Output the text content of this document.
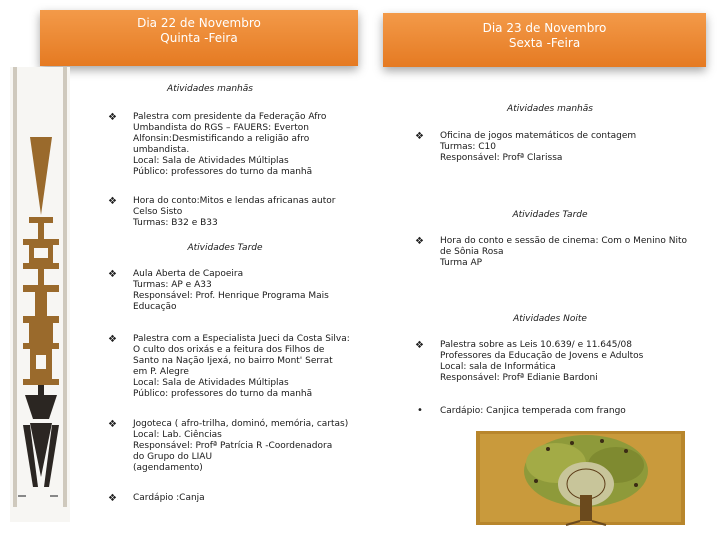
Dia 22 de Novembro
Quinta -Feira
Dia 23 de Novembro
Sexta -Feira
Atividades manhãs
❖ Palestra com presidente da Federação Afro
Umbandista do RGS – FAUERS: Everton
Alfonsin:Desmistificando a religião afro
umbandista.
Local: Sala de Atividades Múltiplas
Público: professores do turno da manhã
❖ Hora do conto:Mitos e lendas africanas autor
Celso Sisto
Turmas: B32 e B33
Atividades Tarde
❖ Aula Aberta de Capoeira
Turmas: AP e A33
Responsável: Prof. Henrique Programa Mais
Educação
❖ Palestra com a Especialista Jueci da Costa Silva:
O culto dos orixás e a feitura dos Filhos de
Santo na Nação Ijexá, no bairro Mont' Serrat
em P. Alegre
Local: Sala de Atividades Múltiplas
Público: professores do turno da manhã
❖ Jogoteca ( afro-trilha, dominó, memória, cartas)
Local: Lab. Ciências
Responsável: Profª Patrícia R -Coordenadora
do Grupo do LIAU
(agendamento)
❖ Cardápio :Canja
Atividades manhãs
❖ Oficina de jogos matemáticos de contagem
Turmas: C10
Responsável: Profª Clarissa
Atividades Tarde
❖ Hora do conto e sessão de cinema: Com o Menino Nito
de Sônia Rosa
Turma AP
Atividades Noite
❖ Palestra sobre as Leis 10.639/ e 11.645/08
Professores da Educação de Jovens e Adultos
Local: sala de Informática
Responsável: Profª Edianie Bardoni
• Cardápio: Canjica temperada com frango
